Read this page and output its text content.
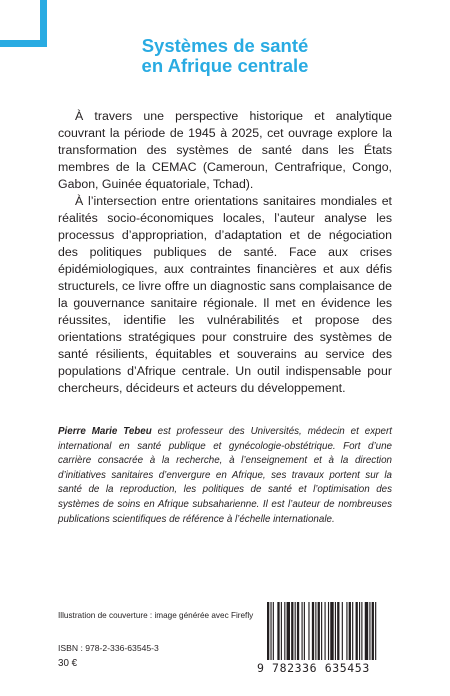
Systèmes de santé
en Afrique centrale

À travers une perspective historique et analytique couvrant la période de 1945 à 2025, cet ouvrage explore la transformation des systèmes de santé dans les États membres de la CEMAC (Cameroun, Centrafrique, Congo, Gabon, Guinée équatoriale, Tchad).

À l’intersection entre orientations sanitaires mondiales et réalités socio-économiques locales, l’auteur analyse les processus d’appropriation, d’adaptation et de négociation des politiques publiques de santé. Face aux crises épidémiologiques, aux contraintes financières et aux défis structurels, ce livre offre un diagnostic sans complaisance de la gouvernance sanitaire régionale. Il met en évidence les réussites, identifie les vulnérabilités et propose des orientations stratégiques pour construire des systèmes de santé résilients, équitables et souverains au service des populations d’Afrique centrale. Un outil indispensable pour chercheurs, décideurs et acteurs du développement.

Pierre Marie Tebeu est professeur des Universités, médecin et expert international en santé publique et gynécologie-obstétrique. Fort d’une carrière consacrée à la recherche, à l’enseignement et à la direction d’initiatives sanitaires d’envergure en Afrique, ses travaux portent sur la santé de la reproduction, les politiques de santé et l’optimisation des systèmes de soins en Afrique subsaharienne. Il est l’auteur de nombreuses publications scientifiques de référence à l’échelle internationale.
Illustration de couverture : image générée avec Firefly
ISBN : 978-2-336-63545-3
30 €	9 782336 635453
